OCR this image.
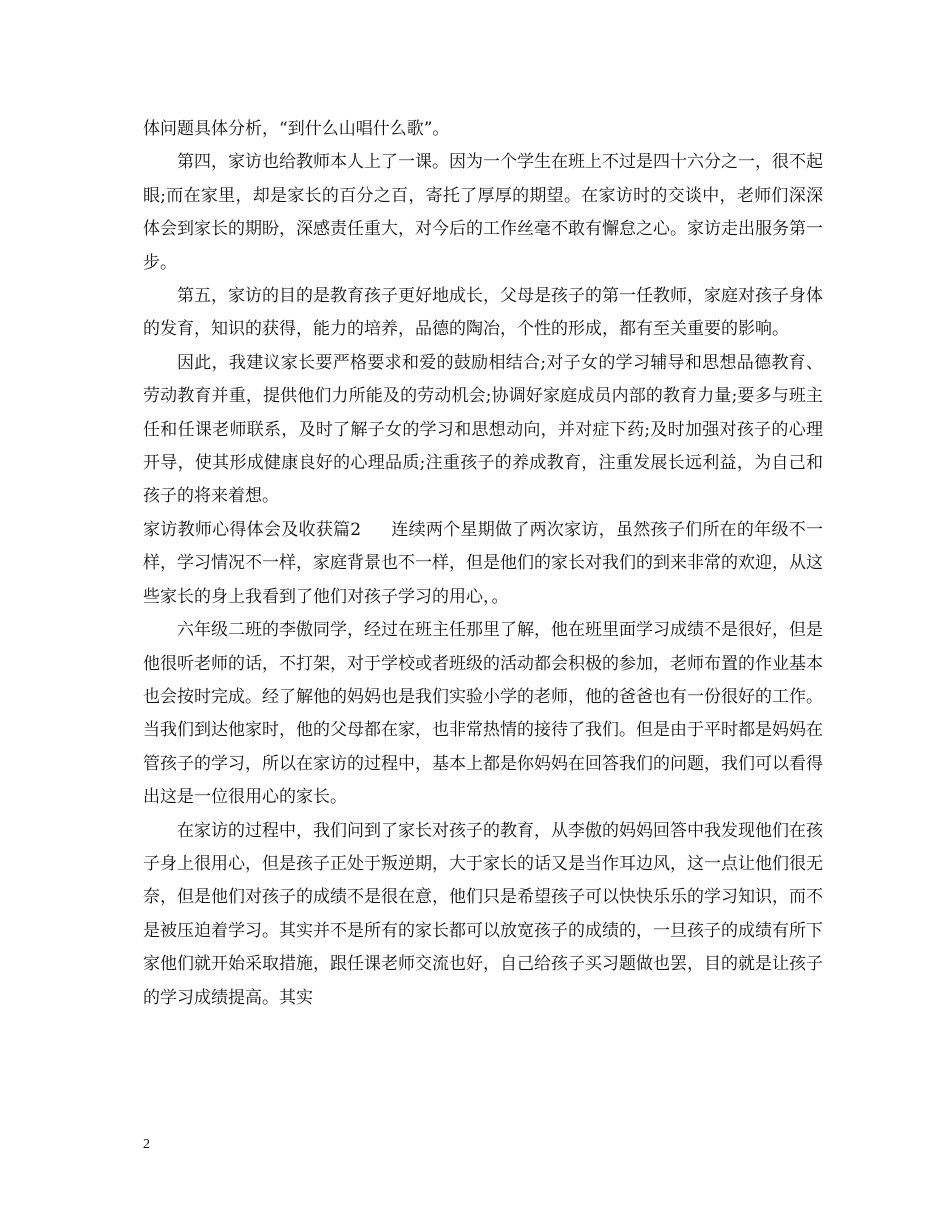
体问题具体分析，“到什么山唱什么歌”。

第四，家访也给教师本人上了一课。因为一个学生在班上不过是四十六分之一，很不起眼;而在家里，却是家长的百分之百，寄托了厚厚的期望。在家访时的交谈中，老师们深深体会到家长的期盼，深感责任重大，对今后的工作丝毫不敢有懈怠之心。家访走出服务第一步。

第五，家访的目的是教育孩子更好地成长，父母是孩子的第一任教师，家庭对孩子身体的发育，知识的获得，能力的培养，品德的陶冶，个性的形成，都有至关重要的影响。

因此，我建议家长要严格要求和爱的鼓励相结合;对子女的学习辅导和思想品德教育、劳动教育并重，提供他们力所能及的劳动机会;协调好家庭成员内部的教育力量;要多与班主任和任课老师联系，及时了解子女的学习和思想动向，并对症下药;及时加强对孩子的心理开导，使其形成健康良好的心理品质;注重孩子的养成教育，注重发展长远利益，为自己和孩子的将来着想。

家访教师心得体会及收获篇2 连续两个星期做了两次家访，虽然孩子们所在的年级不一样，学习情况不一样，家庭背景也不一样，但是他们的家长对我们的到来非常的欢迎，从这些家长的身上我看到了他们对孩子学习的用心，。

六年级二班的李傲同学，经过在班主任那里了解，他在班里面学习成绩不是很好，但是他很听老师的话，不打架，对于学校或者班级的活动都会积极的参加，老师布置的作业基本也会按时完成。经了解他的妈妈也是我们实验小学的老师，他的爸爸也有一份很好的工作。当我们到达他家时，他的父母都在家，也非常热情的接待了我们。但是由于平时都是妈妈在管孩子的学习，所以在家访的过程中，基本上都是你妈妈在回答我们的问题，我们可以看得出这是一位很用心的家长。

在家访的过程中，我们问到了家长对孩子的教育，从李傲的妈妈回答中我发现他们在孩子身上很用心，但是孩子正处于叛逆期，大于家长的话又是当作耳边风，这一点让他们很无奈，但是他们对孩子的成绩不是很在意，他们只是希望孩子可以快快乐乐的学习知识，而不是被压迫着学习。其实并不是所有的家长都可以放宽孩子的成绩的，一旦孩子的成绩有所下家他们就开始采取措施，跟任课老师交流也好，自己给孩子买习题做也罢，目的就是让孩子的学习成绩提高。其实

2
